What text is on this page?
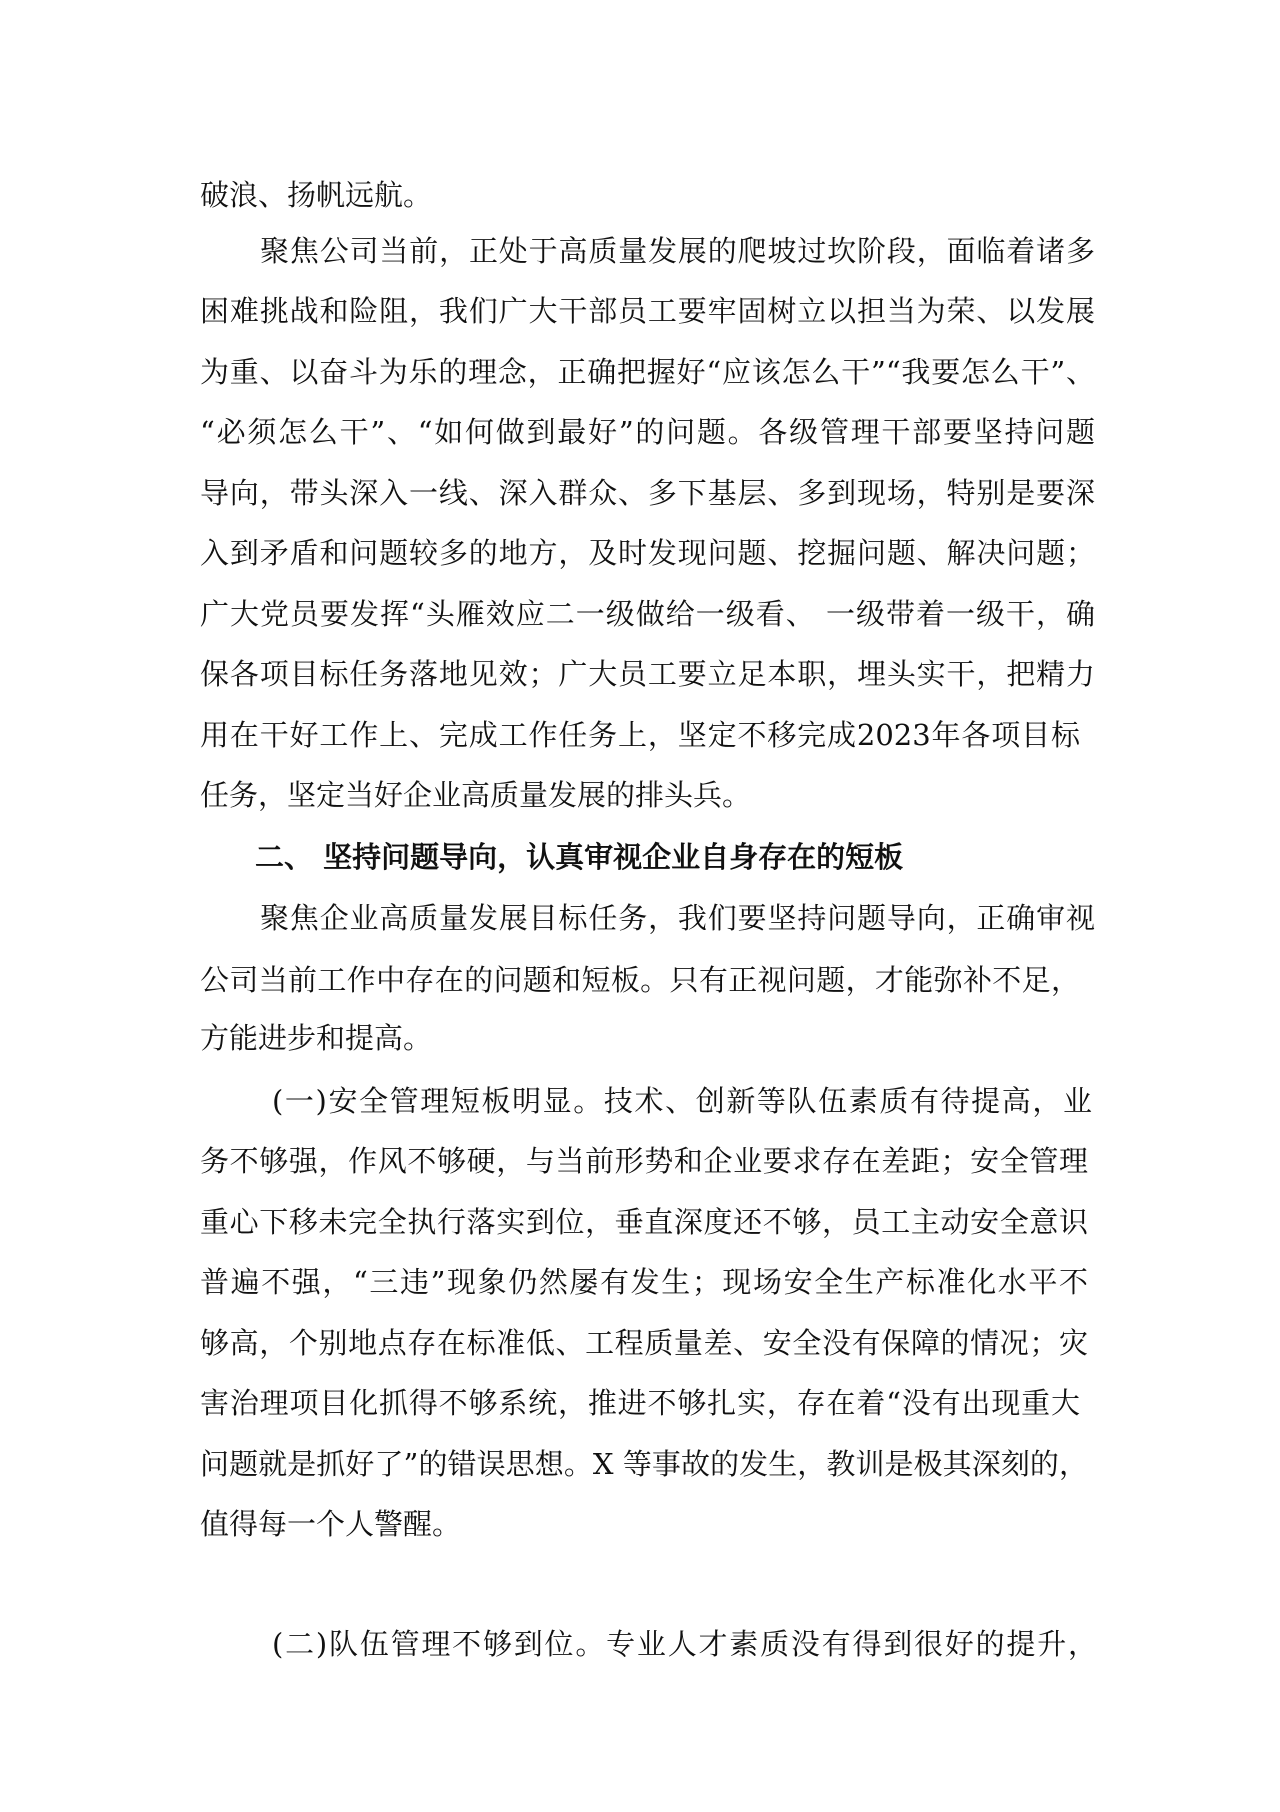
破浪、扬帆远航。
聚焦公司当前，正处于高质量发展的爬坡过坎阶段，面临着诸多
困难挑战和险阻，我们广大干部员工要牢固树立以担当为荣、以发展
为重、以奋斗为乐的理念，正确把握好“应该怎么干”“我要怎么干”、
“必须怎么干”、“如何做到最好”的问题。各级管理干部要坚持问题
导向，带头深入一线、深入群众、多下基层、多到现场，特别是要深
入到矛盾和问题较多的地方，及时发现问题、挖掘问题、解决问题；
广大党员要发挥“头雁效应二一级做给一级看、 一级带着一级干，确
保各项目标任务落地见效；广大员工要立足本职，埋头实干，把精力
用在干好工作上、完成工作任务上，坚定不移完成2023年各项目标
任务，坚定当好企业高质量发展的排头兵。
二、 坚持问题导向，认真审视企业自身存在的短板
聚焦企业高质量发展目标任务，我们要坚持问题导向，正确审视
公司当前工作中存在的问题和短板。只有正视问题，才能弥补不足，
方能进步和提高。
(一)安全管理短板明显。技术、创新等队伍素质有待提高，业
务不够强，作风不够硬，与当前形势和企业要求存在差距；安全管理
重心下移未完全执行落实到位，垂直深度还不够，员工主动安全意识
普遍不强，“三违”现象仍然屡有发生；现场安全生产标准化水平不
够高，个别地点存在标准低、工程质量差、安全没有保障的情况；灾
害治理项目化抓得不够系统，推进不够扎实，存在着“没有出现重大
问题就是抓好了”的错误思想。X 等事故的发生，教训是极其深刻的，
值得每一个人警醒。
(二)队伍管理不够到位。专业人才素质没有得到很好的提升，
